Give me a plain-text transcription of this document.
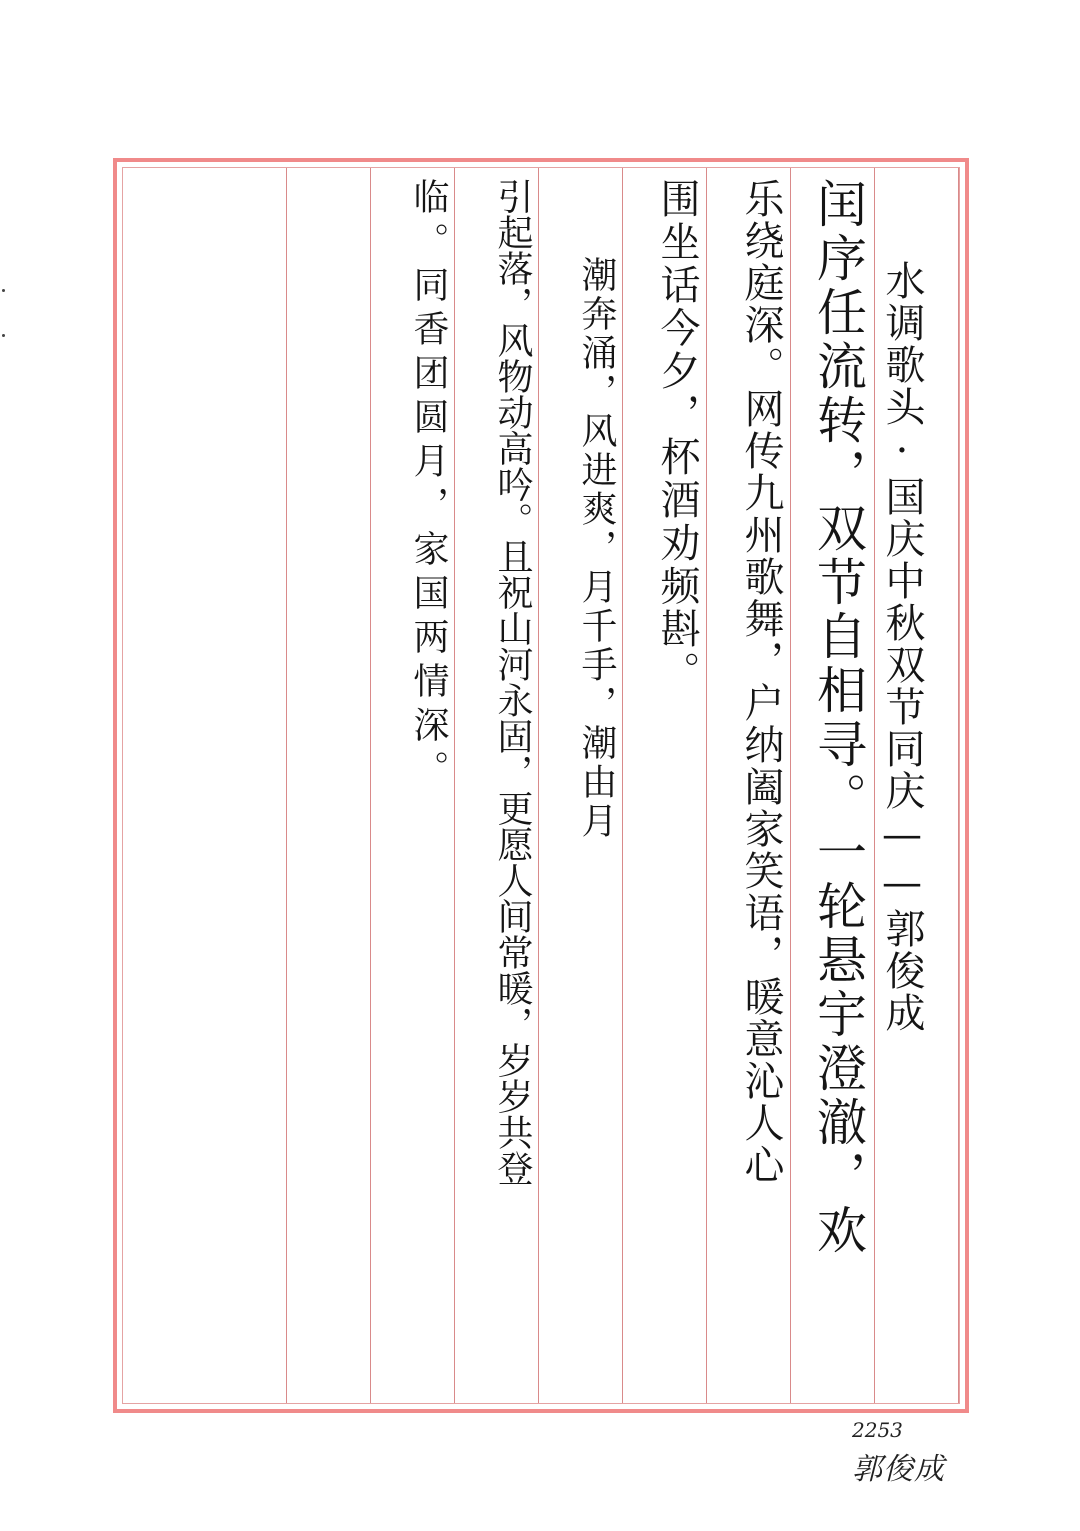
水调歌头·国庆中秋双节同庆——郭俊成
闰序任流转，双节自相寻。一轮悬宇澄澈，欢
乐绕庭深。网传九州歌舞，户纳阖家笑语，暖意沁人心
围坐话今夕，杯酒劝频斟。
　　潮奔涌，风进爽，月千手，潮由月
引起落，风物动高吟。且祝山河永固，更愿人间常暖，岁岁共登
临。同香团圆月，家国两情深。
2253
郭俊成
